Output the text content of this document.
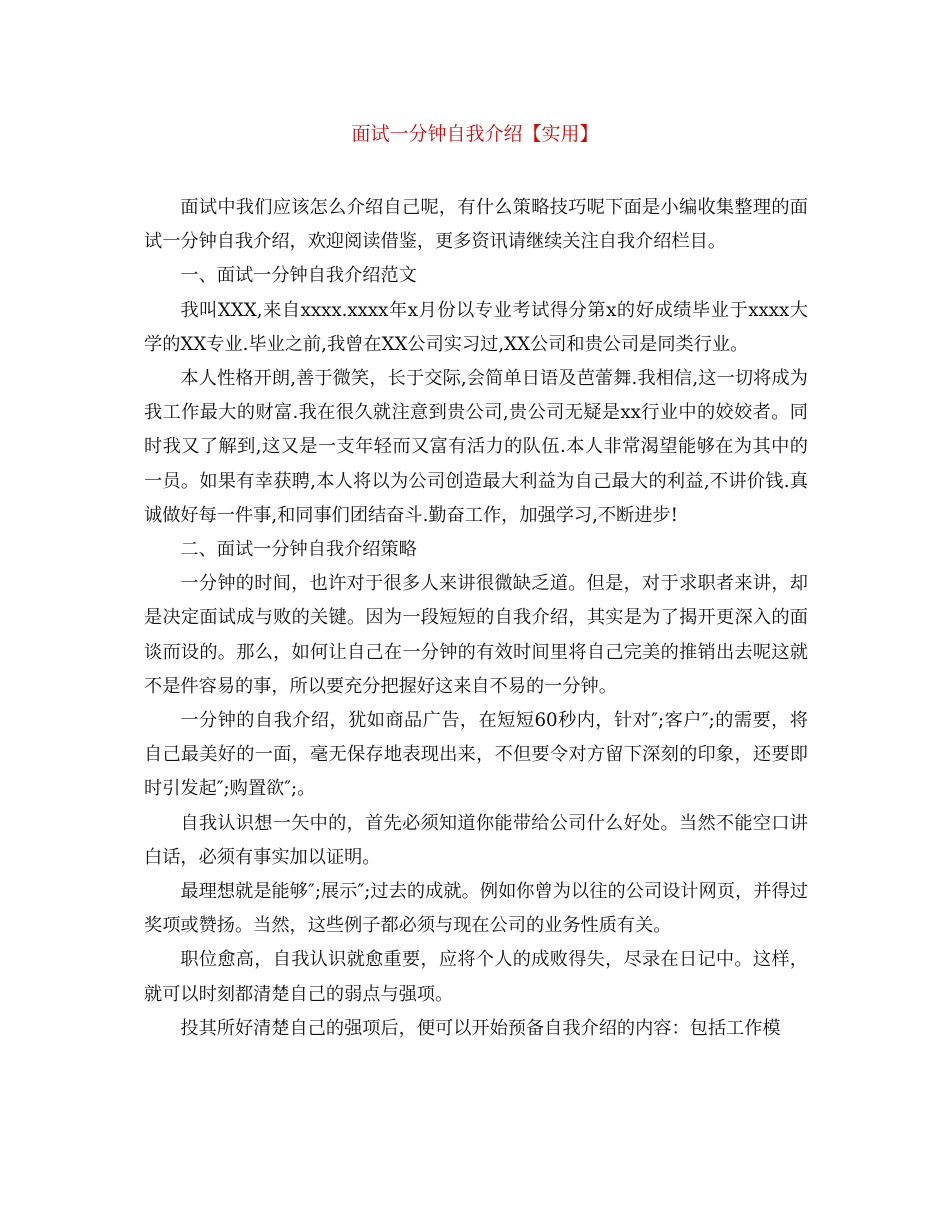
面试一分钟自我介绍【实用】

面试中我们应该怎么介绍自己呢，有什么策略技巧呢下面是小编收集整理的面试一分钟自我介绍，欢迎阅读借鉴，更多资讯请继续关注自我介绍栏目。

一、面试一分钟自我介绍范文

我叫XXX,来自xxxx.xxxx年x月份以专业考试得分第x的好成绩毕业于xxxx大学的XX专业.毕业之前,我曾在XX公司实习过,XX公司和贵公司是同类行业。

本人性格开朗,善于微笑，长于交际,会简单日语及芭蕾舞.我相信,这一切将成为我工作最大的财富.我在很久就注意到贵公司,贵公司无疑是xx行业中的姣姣者。同时我又了解到,这又是一支年轻而又富有活力的队伍.本人非常渴望能够在为其中的一员。如果有幸获聘,本人将以为公司创造最大利益为自己最大的利益,不讲价钱.真诚做好每一件事,和同事们团结奋斗.勤奋工作，加强学习,不断进步!

二、面试一分钟自我介绍策略

一分钟的时间，也许对于很多人来讲很微缺乏道。但是，对于求职者来讲，却是决定面试成与败的关键。因为一段短短的自我介绍，其实是为了揭开更深入的面谈而设的。那么，如何让自己在一分钟的有效时间里将自己完美的推销出去呢这就不是件容易的事，所以要充分把握好这来自不易的一分钟。

一分钟的自我介绍，犹如商品广告，在短短60秒内，针对″;客户″;的需要，将自己最美好的一面，毫无保存地表现出来，不但要令对方留下深刻的印象，还要即时引发起″;购置欲″;。

自我认识想一矢中的，首先必须知道你能带给公司什么好处。当然不能空口讲白话，必须有事实加以证明。

最理想就是能够″;展示″;过去的成就。例如你曾为以往的公司设计网页，并得过奖项或赞扬。当然，这些例子都必须与现在公司的业务性质有关。

职位愈高，自我认识就愈重要，应将个人的成败得失，尽录在日记中。这样，就可以时刻都清楚自己的弱点与强项。

投其所好清楚自己的强项后，便可以开始预备自我介绍的内容：包括工作模
